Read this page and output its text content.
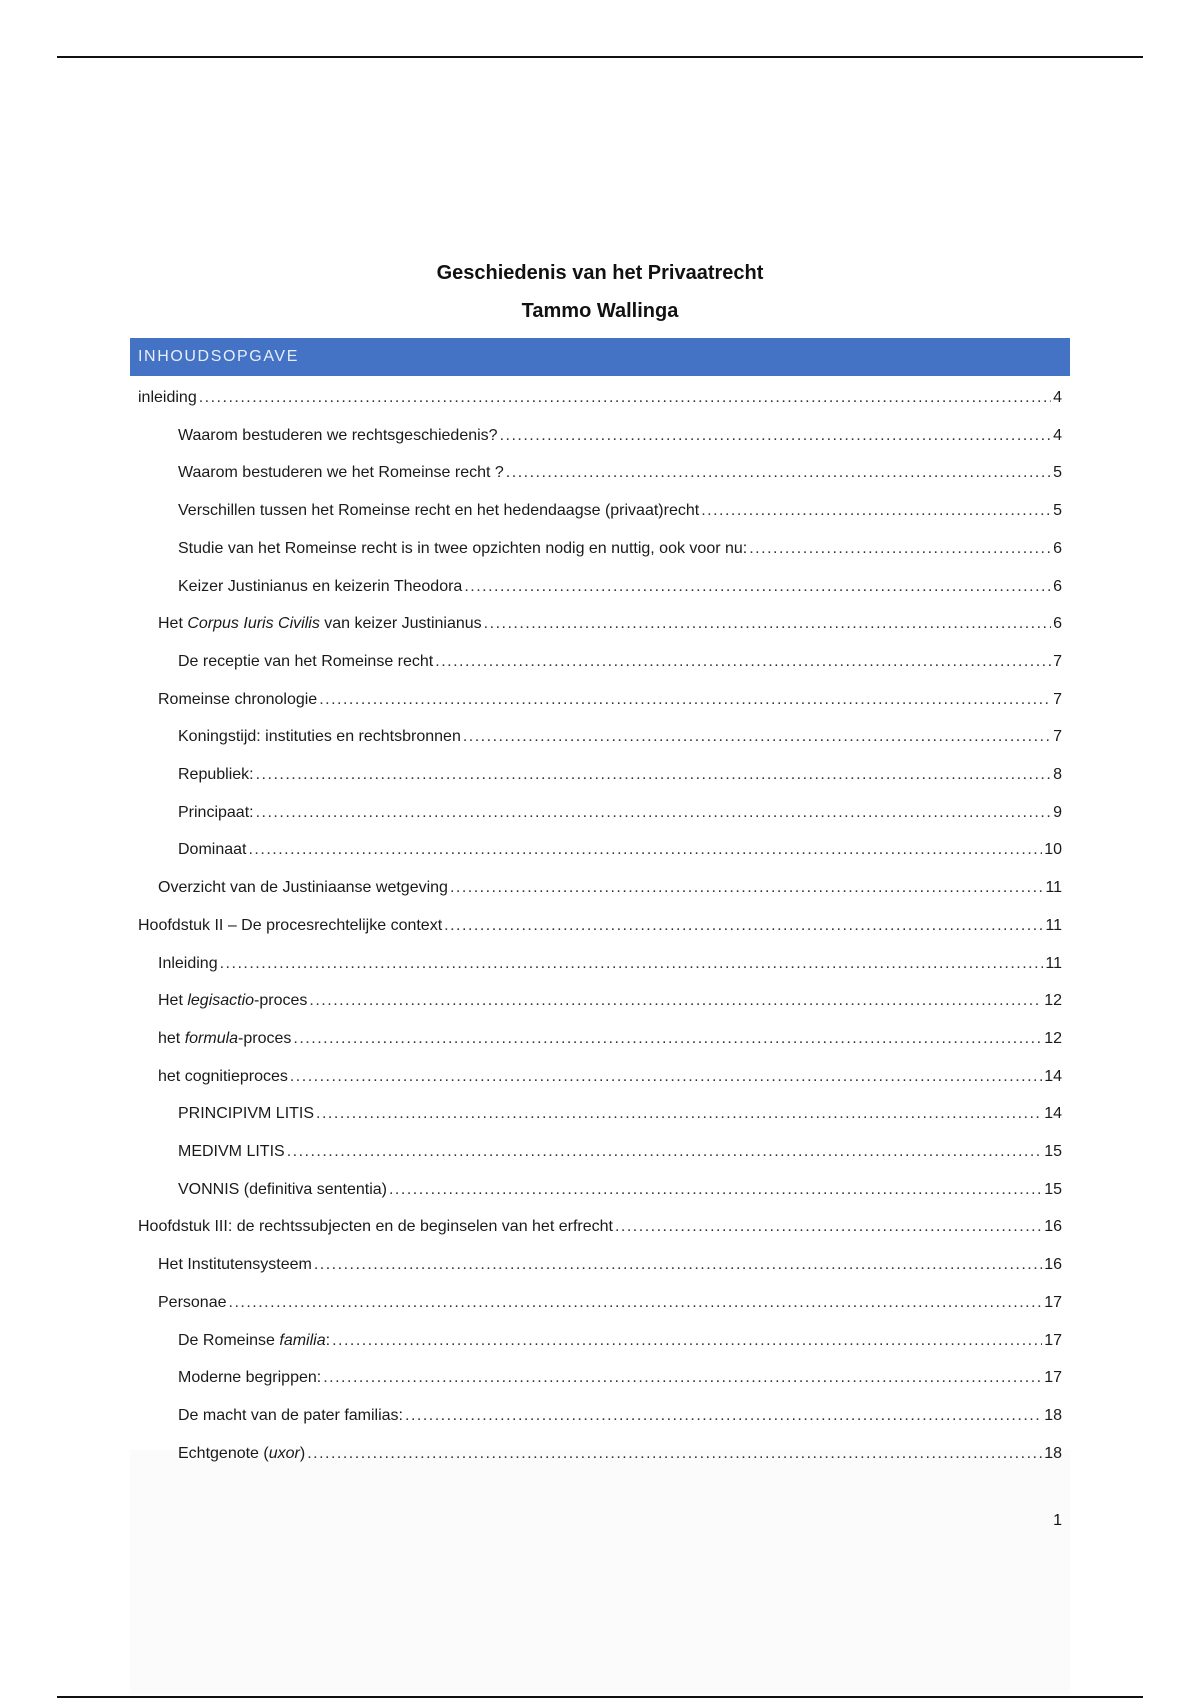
Geschiedenis van het Privaatrecht
Tammo Wallinga
INHOUDSOPGAVE
inleiding .....	4
Waarom bestuderen we rechtsgeschiedenis? .....	4
Waarom bestuderen we het Romeinse recht ? .....	5
Verschillen tussen het Romeinse recht en het hedendaagse (privaat)recht .....	5
Studie van het Romeinse recht is in twee opzichten nodig en nuttig, ook voor nu: .....	6
Keizer Justinianus en keizerin Theodora .....	6
Het Corpus Iuris Civilis van keizer Justinianus .....	6
De receptie van het Romeinse recht .....	7
Romeinse chronologie .....	7
Koningstijd: instituties en rechtsbronnen .....	7
Republiek: .....	8
Principaat: .....	9
Dominaat .....	10
Overzicht van de Justiniaanse wetgeving .....	11
Hoofdstuk II – De procesrechtelijke context .....	11
Inleiding .....	11
Het legisactio-proces .....	12
het formula-proces .....	12
het cognitieproces .....	14
PRINCIPIVM LITIS .....	14
MEDIVM LITIS .....	15
VONNIS (definitiva sententia) .....	15
Hoofdstuk III: de rechtssubjecten en de beginselen van het erfrecht .....	16
Het Institutensysteem .....	16
Personae .....	17
De Romeinse familia: .....	17
Moderne begrippen: .....	17
De macht van de pater familias: .....	18
Echtgenote (uxor) .....	18
1
